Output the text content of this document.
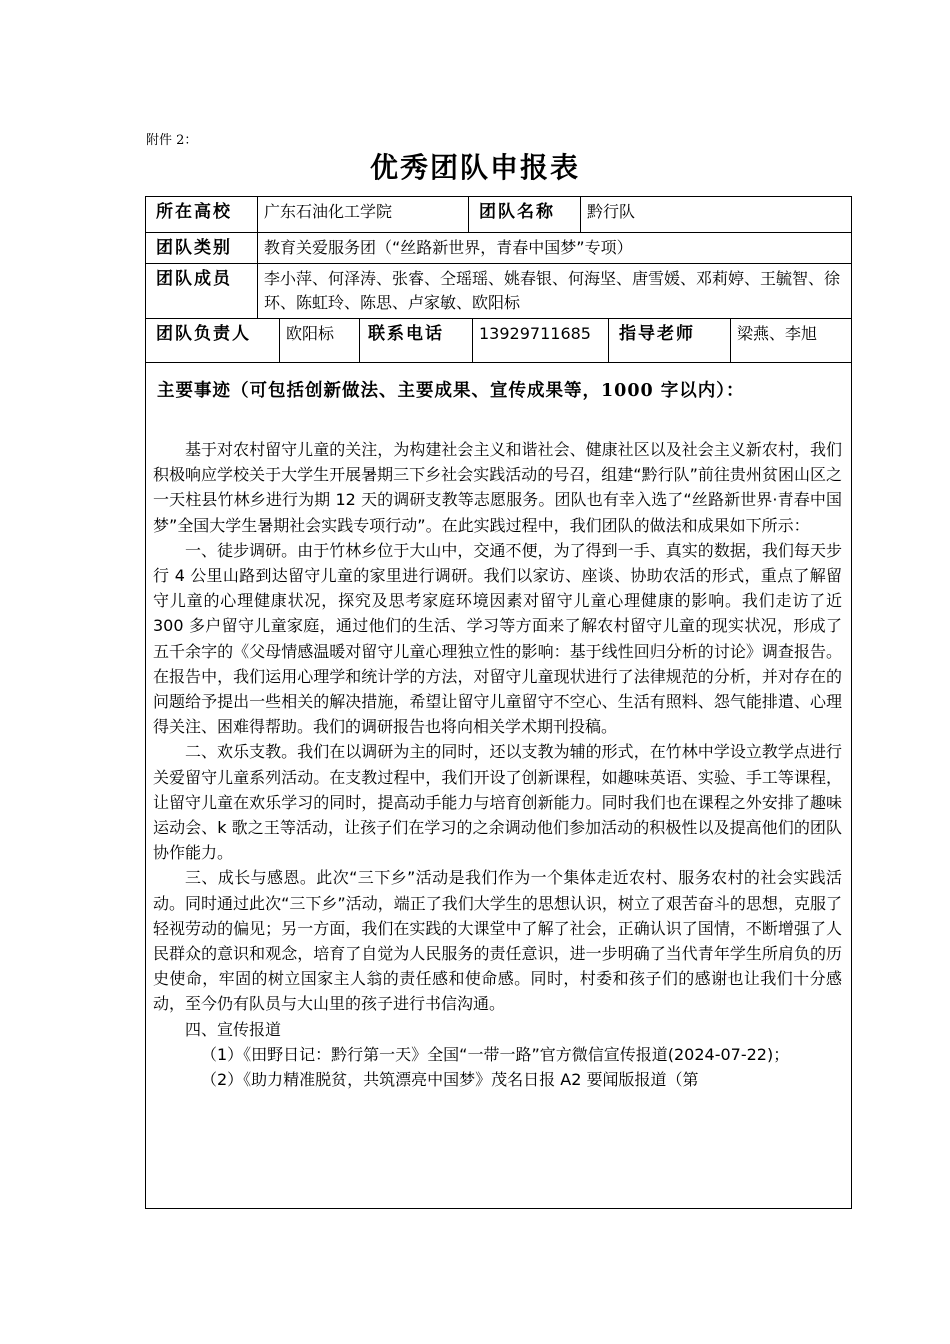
附件 2：
优秀团队申报表
所在高校	广东石油化工学院	团队名称	黔行队
团队类别	教育关爱服务团（“丝路新世界，青春中国梦”专项）
团队成员	李小萍、何泽涛、张睿、仝瑶瑶、姚春银、何海坚、唐雪媛、邓莉婷、王毓智、徐环、陈虹玲、陈思、卢家敏、欧阳标
团队负责人	欧阳标	联系电话	13929711685	指导老师	梁燕、李旭
主要事迹（可包括创新做法、主要成果、宣传成果等，1000 字以内）：

基于对农村留守儿童的关注，为构建社会主义和谐社会、健康社区以及社会主义新农村，我们积极响应学校关于大学生开展暑期三下乡社会实践活动的号召，组建“黔行队”前往贵州贫困山区之一天柱县竹林乡进行为期 12 天的调研支教等志愿服务。团队也有幸入选了“丝路新世界·青春中国梦”全国大学生暑期社会实践专项行动”。在此实践过程中，我们团队的做法和成果如下所示：

一、徒步调研。由于竹林乡位于大山中，交通不便，为了得到一手、真实的数据，我们每天步行 4 公里山路到达留守儿童的家里进行调研。我们以家访、座谈、协助农活的形式，重点了解留守儿童的心理健康状况，探究及思考家庭环境因素对留守儿童心理健康的影响。我们走访了近 300 多户留守儿童家庭，通过他们的生活、学习等方面来了解农村留守儿童的现实状况，形成了五千余字的《父母情感温暖对留守儿童心理独立性的影响：基于线性回归分析的讨论》调查报告。在报告中，我们运用心理学和统计学的方法，对留守儿童现状进行了法律规范的分析，并对存在的问题给予提出一些相关的解决措施，希望让留守儿童留守不空心、生活有照料、怨气能排遣、心理得关注、困难得帮助。我们的调研报告也将向相关学术期刊投稿。

二、欢乐支教。我们在以调研为主的同时，还以支教为辅的形式，在竹林中学设立教学点进行关爱留守儿童系列活动。在支教过程中，我们开设了创新课程，如趣味英语、实验、手工等课程，让留守儿童在欢乐学习的同时，提高动手能力与培育创新能力。同时我们也在课程之外安排了趣味运动会、k 歌之王等活动，让孩子们在学习的之余调动他们参加活动的积极性以及提高他们的团队协作能力。

三、成长与感恩。此次“三下乡”活动是我们作为一个集体走近农村、服务农村的社会实践活动。同时通过此次“三下乡”活动，端正了我们大学生的思想认识，树立了艰苦奋斗的思想，克服了轻视劳动的偏见；另一方面，我们在实践的大课堂中了解了社会，正确认识了国情，不断增强了人民群众的意识和观念，培育了自觉为人民服务的责任意识，进一步明确了当代青年学生所肩负的历史使命，牢固的树立国家主人翁的责任感和使命感。同时，村委和孩子们的感谢也让我们十分感动，至今仍有队员与大山里的孩子进行书信沟通。

四、宣传报道

（1）《田野日记：黔行第一天》全国“一带一路”官方微信宣传报道(2024-07-22)；

（2）《助力精准脱贫，共筑漂亮中国梦》茂名日报 A2 要闻版报道（第
